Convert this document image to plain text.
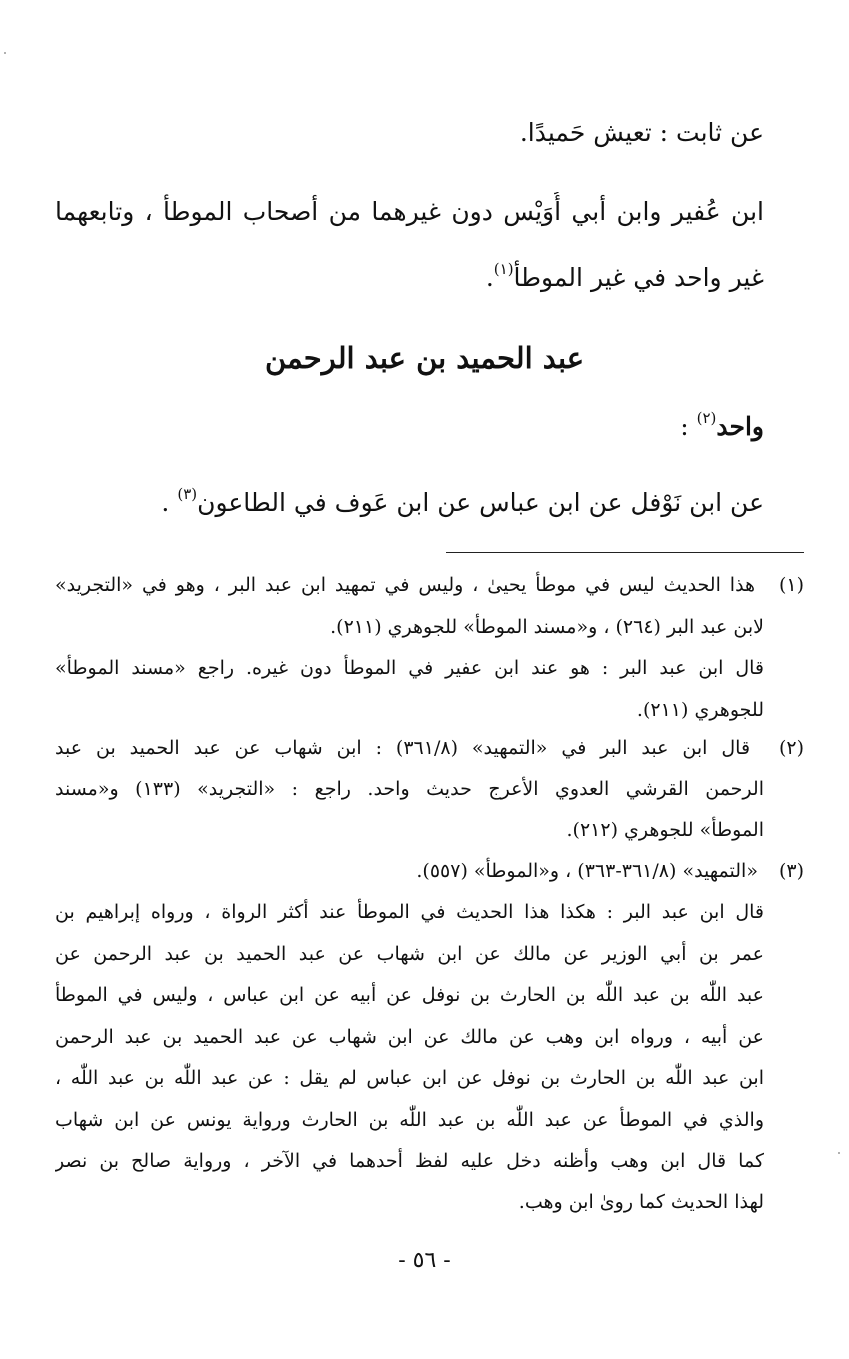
عن ثابت : تعيش حَميدًا.
ابن عُفير وابن أبي أُوَيْس دون غيرهما من أصحاب الموطأ ، وتابعهما
غير واحد في غير الموطأ$^{(١)}$.
عبد الحميد بن عبد الرحمن
واحد$^{(٢)}$ :
عن ابن نَوْفل عن ابن عباس عن ابن عَوف في الطاعون$^{(٣)}$ .
(١) هذا الحديث ليس في موطأ يحيىٰ ، وليس في تمهيد ابن عبد البر ، وهو في «التجريد»
لابن عبد البر (٢٦٤) ، و«مسند الموطأ» للجوهري (٢١١).
قال ابن عبد البر : هو عند ابن عفير في الموطأ دون غيره. راجع «مسند الموطأ»
للجوهري (٢١١).
(٢) قال ابن عبد البر في «التمهيد» (٣٦١/٨) : ابن شهاب عن عبد الحميد بن عبد
الرحمن القرشي العدوي الأعرج حديث واحد. راجع : «التجريد» (١٣٣) و«مسند
الموطأ» للجوهري (٢١٢).
(٣) «التمهيد» (٣٦١/٨-٣٦٣) ، و«الموطأ» (٥٥٧).
قال ابن عبد البر : هكذا هذا الحديث في الموطأ عند أكثر الرواة ، ورواه إبراهيم بن
عمر بن أبي الوزير عن مالك عن ابن شهاب عن عبد الحميد بن عبد الرحمن عن
عبد اللّٰه بن عبد اللّٰه بن الحارث بن نوفل عن أبيه عن ابن عباس ، وليس في الموطأ
عن أبيه ، ورواه ابن وهب عن مالك عن ابن شهاب عن عبد الحميد بن عبد الرحمن
ابن عبد اللّٰه بن الحارث بن نوفل عن ابن عباس لم يقل : عن عبد اللّٰه بن عبد اللّٰه ،
والذي في الموطأ عن عبد اللّٰه بن عبد اللّٰه بن الحارث ورواية يونس عن ابن شهاب
كما قال ابن وهب وأظنه دخل عليه لفظ أحدهما في الآخر ، ورواية صالح بن نصر
لهذا الحديث كما روىٰ ابن وهب.
- ٥٦ -
